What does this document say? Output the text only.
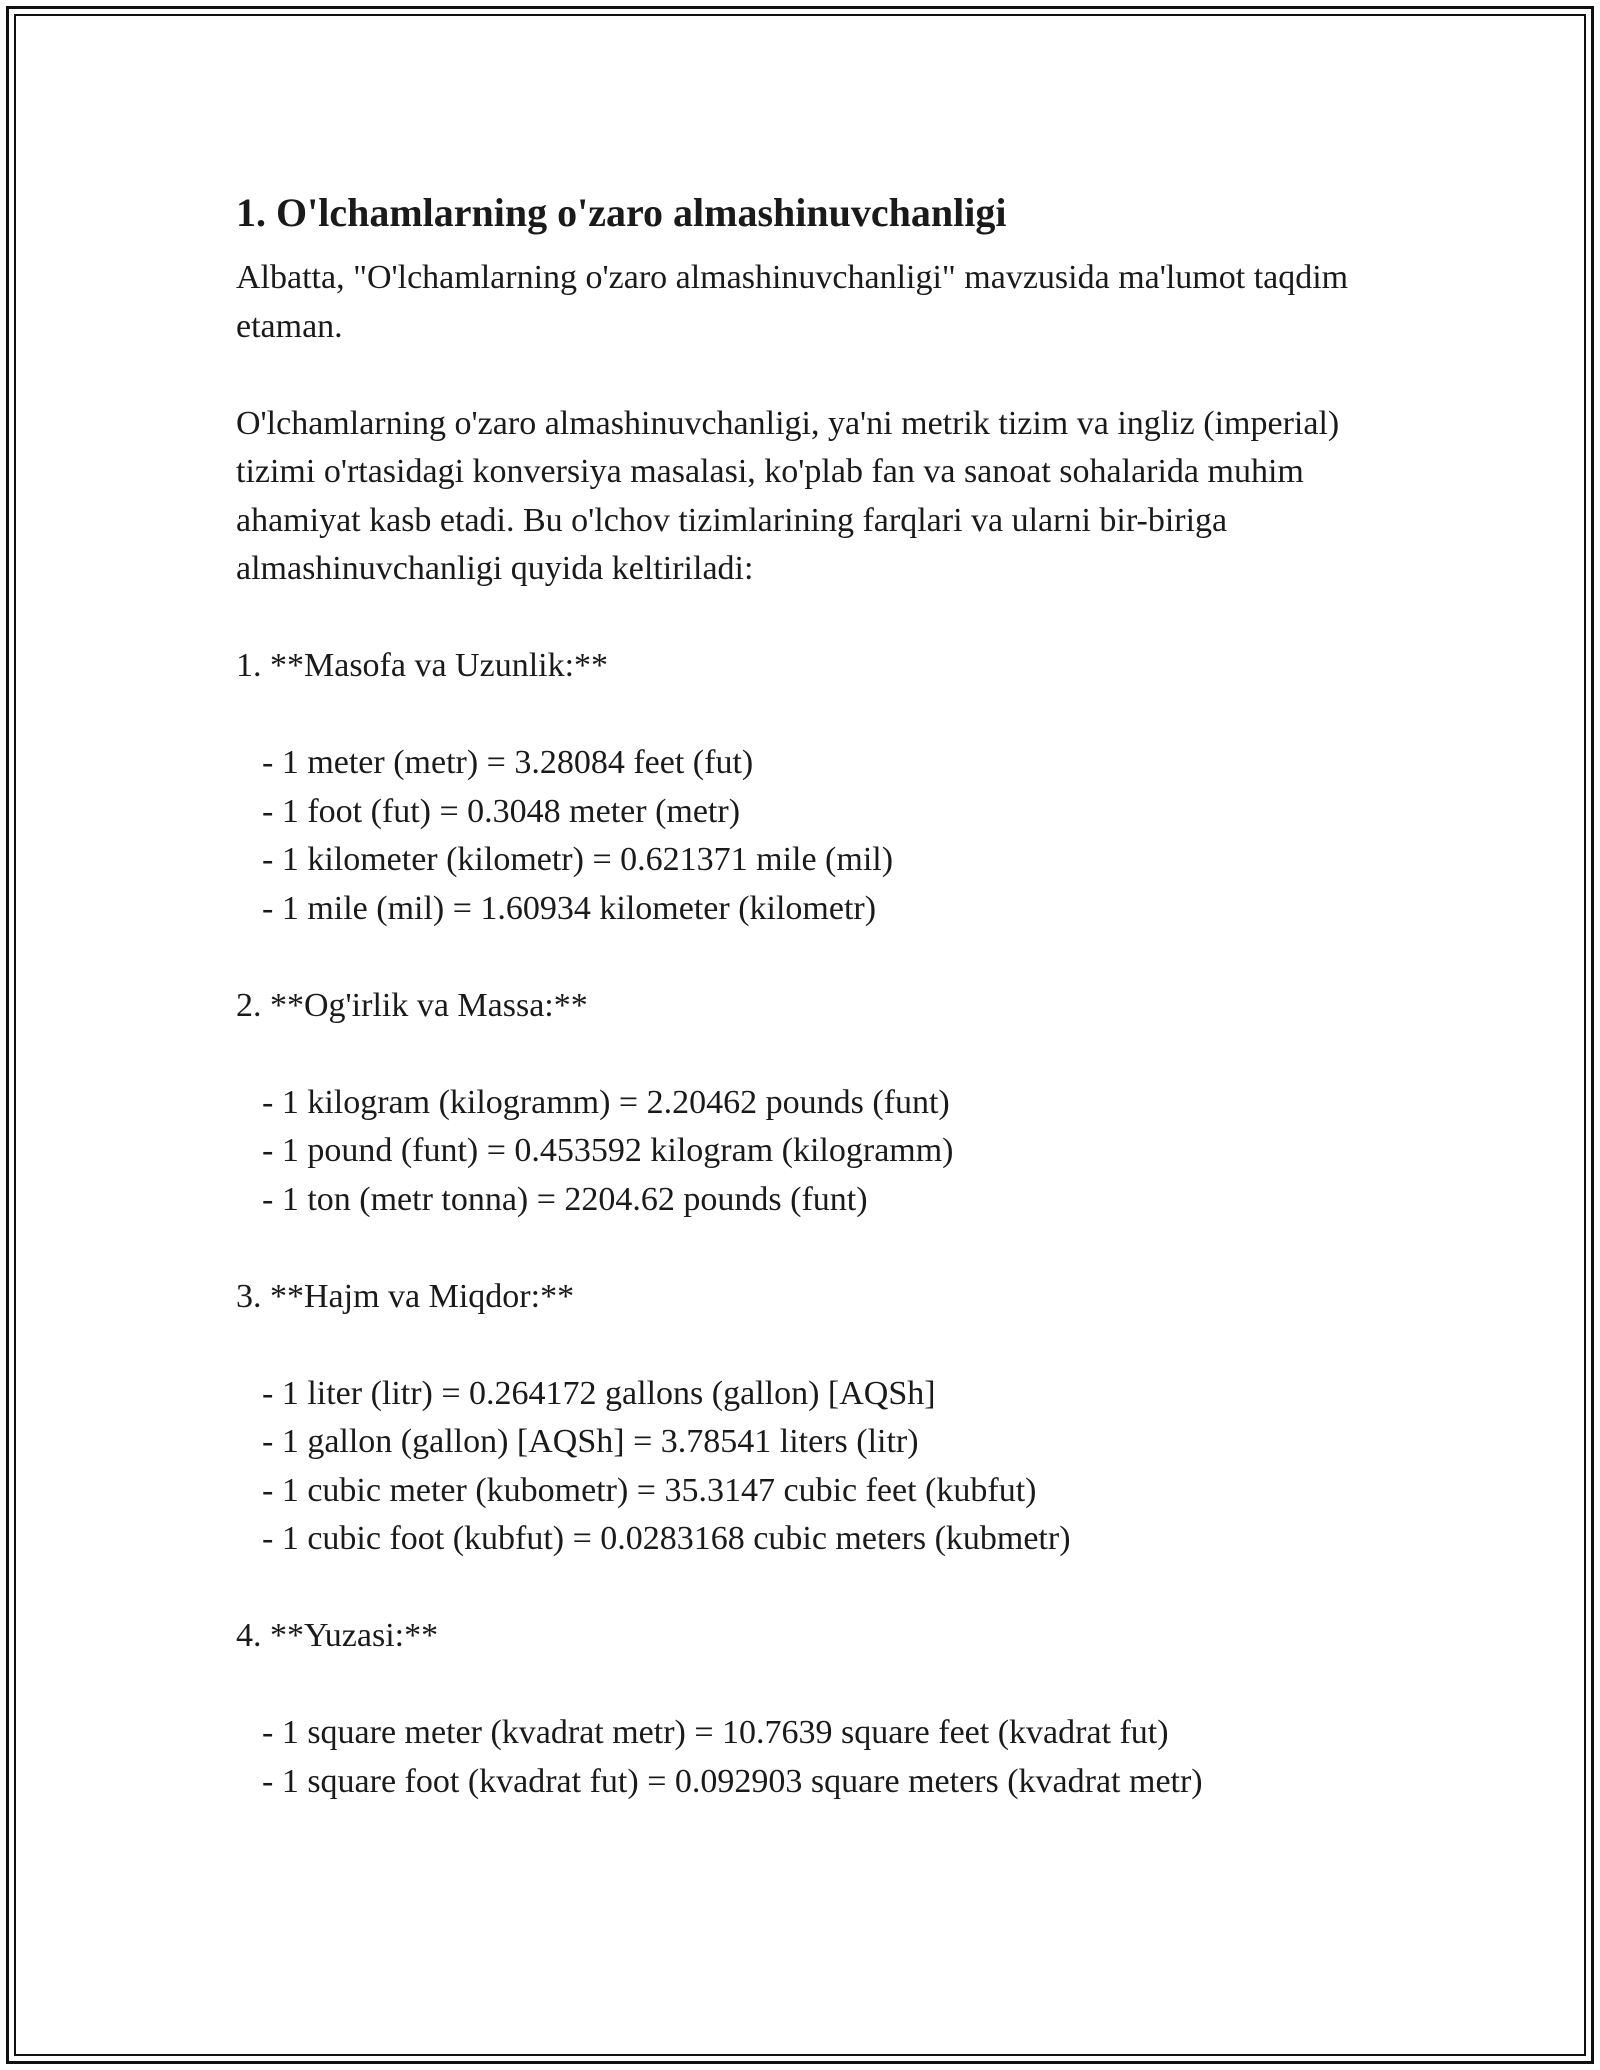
1. O'lchamlarning o'zaro almashinuvchanligi

Albatta, "O'lchamlarning o'zaro almashinuvchanligi" mavzusida ma'lumot taqdim etaman.

O'lchamlarning o'zaro almashinuvchanligi, ya'ni metrik tizim va ingliz (imperial) tizimi o'rtasidagi konversiya masalasi, ko'plab fan va sanoat sohalarida muhim ahamiyat kasb etadi. Bu o'lchov tizimlarining farqlari va ularni bir-biriga almashinuvchanligi quyida keltiriladi:

1. **Masofa va Uzunlik:**

- 1 meter (metr) = 3.28084 feet (fut)
- 1 foot (fut) = 0.3048 meter (metr)
- 1 kilometer (kilometr) = 0.621371 mile (mil)
- 1 mile (mil) = 1.60934 kilometer (kilometr)

2. **Og'irlik va Massa:**

- 1 kilogram (kilogramm) = 2.20462 pounds (funt)
- 1 pound (funt) = 0.453592 kilogram (kilogramm)
- 1 ton (metr tonna) = 2204.62 pounds (funt)

3. **Hajm va Miqdor:**

- 1 liter (litr) = 0.264172 gallons (gallon) [AQSh]
- 1 gallon (gallon) [AQSh] = 3.78541 liters (litr)
- 1 cubic meter (kubometr) = 35.3147 cubic feet (kubfut)
- 1 cubic foot (kubfut) = 0.0283168 cubic meters (kubmetr)

4. **Yuzasi:**

- 1 square meter (kvadrat metr) = 10.7639 square feet (kvadrat fut)
- 1 square foot (kvadrat fut) = 0.092903 square meters (kvadrat metr)
